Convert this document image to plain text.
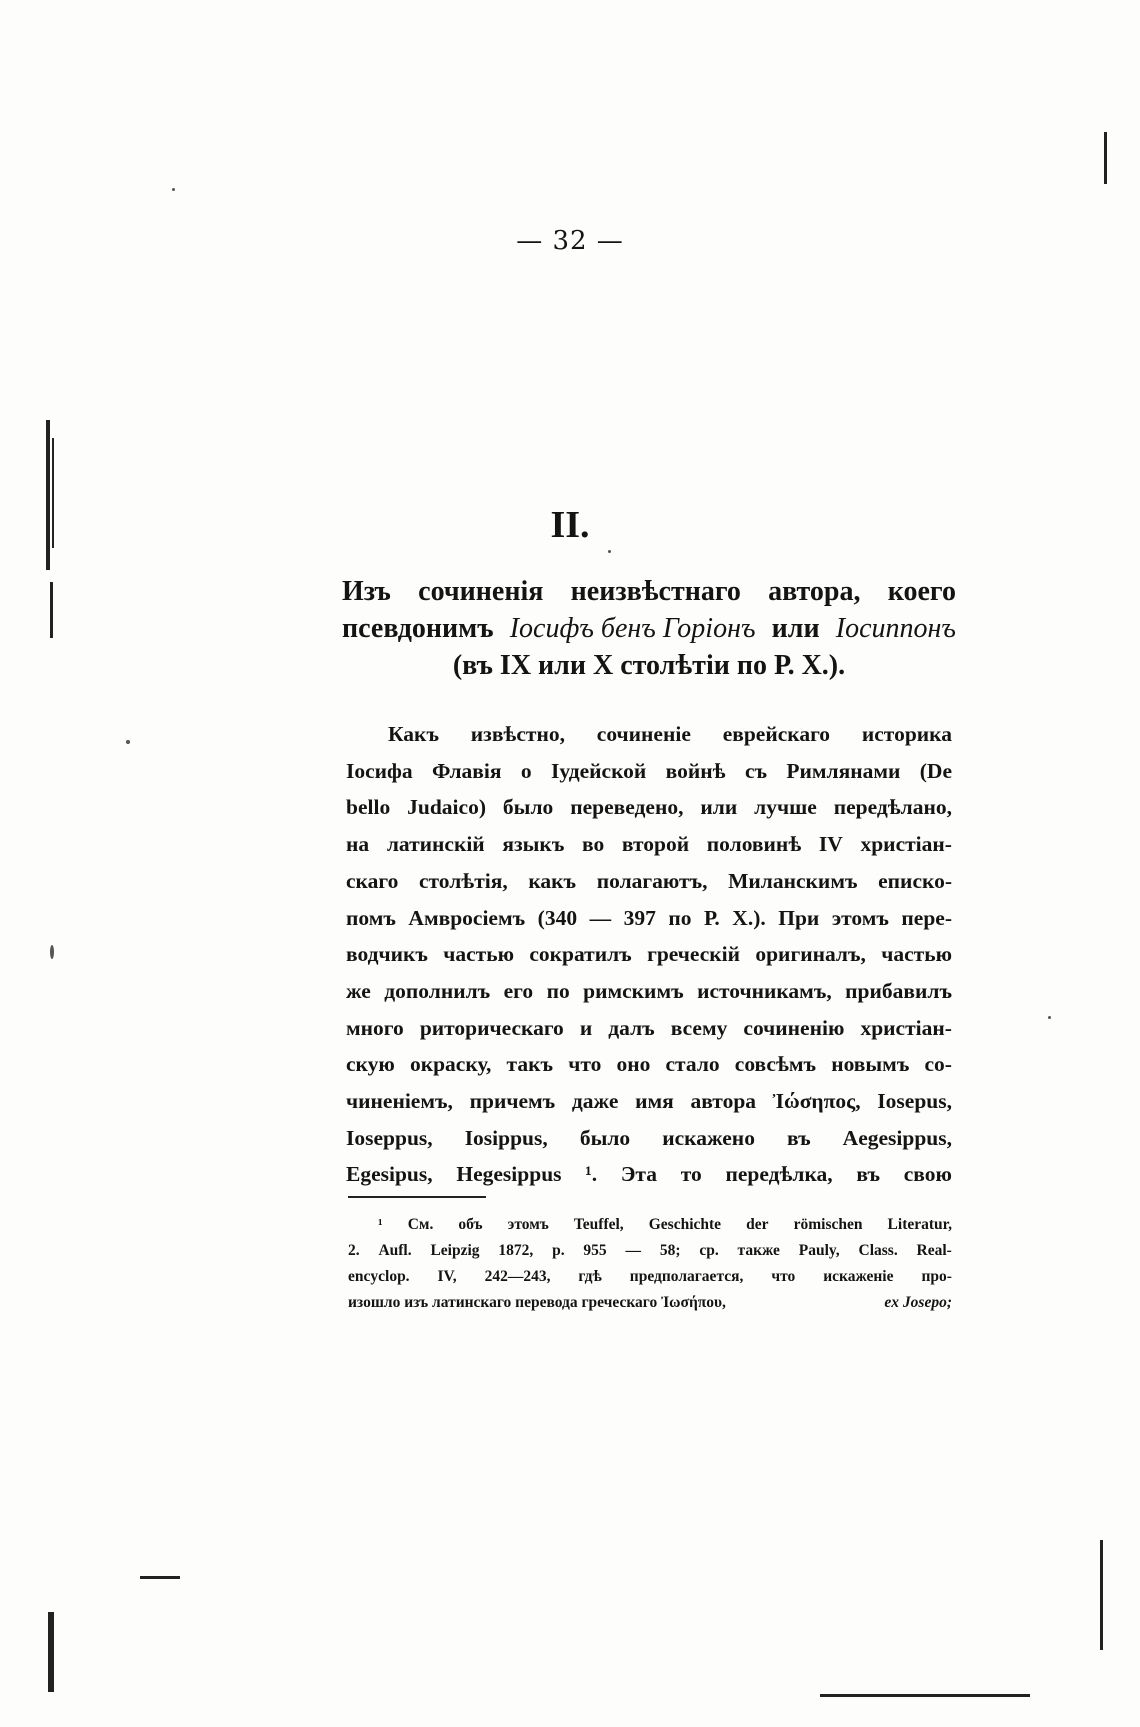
— 32 —
II.
Изъ сочиненія неизвѣстнаго автора, коего
псевдонимъ Іосифъ бенъ Горіонъ или Іосиппонъ
(въ IX или X столѣтіи по Р. Х.).
Какъ извѣстно, сочиненіе еврейскаго историка
Іосифа Флавія о Іудейской войнѣ съ Римлянами (De
bello Judaico) было переведено, или лучше передѣлано,
на латинскій языкъ во второй половинѣ IV христіан-
скаго столѣтія, какъ полагаютъ, Миланскимъ еписко-
помъ Амвросіемъ (340 — 397 по Р. Х.). При этомъ пере-
водчикъ частью сократилъ греческій оригиналъ, частью
же дополнилъ его по римскимъ источникамъ, прибавилъ
много риторическаго и далъ всему сочиненію христіан-
скую окраску, такъ что оно стало совсѣмъ новымъ со-
чиненіемъ, причемъ даже имя автора Ἰώσηπος, Iosepus,
Ioseppus, Iosippus, было искажено въ Aegesippus,
Egesipus, Hegesippus ¹. Эта то передѣлка, въ свою
¹ См. объ этомъ Teuffel, Geschichte der römischen Literatur,
2. Aufl. Leipzig 1872, p. 955 — 58; ср. также Pauly, Class. Real-
encyclop. IV, 242—243, гдѣ предполагается, что искаженіе про-
изошло изъ латинскаго перевода греческаго Ἰωσήπου,	ex Josepo;
